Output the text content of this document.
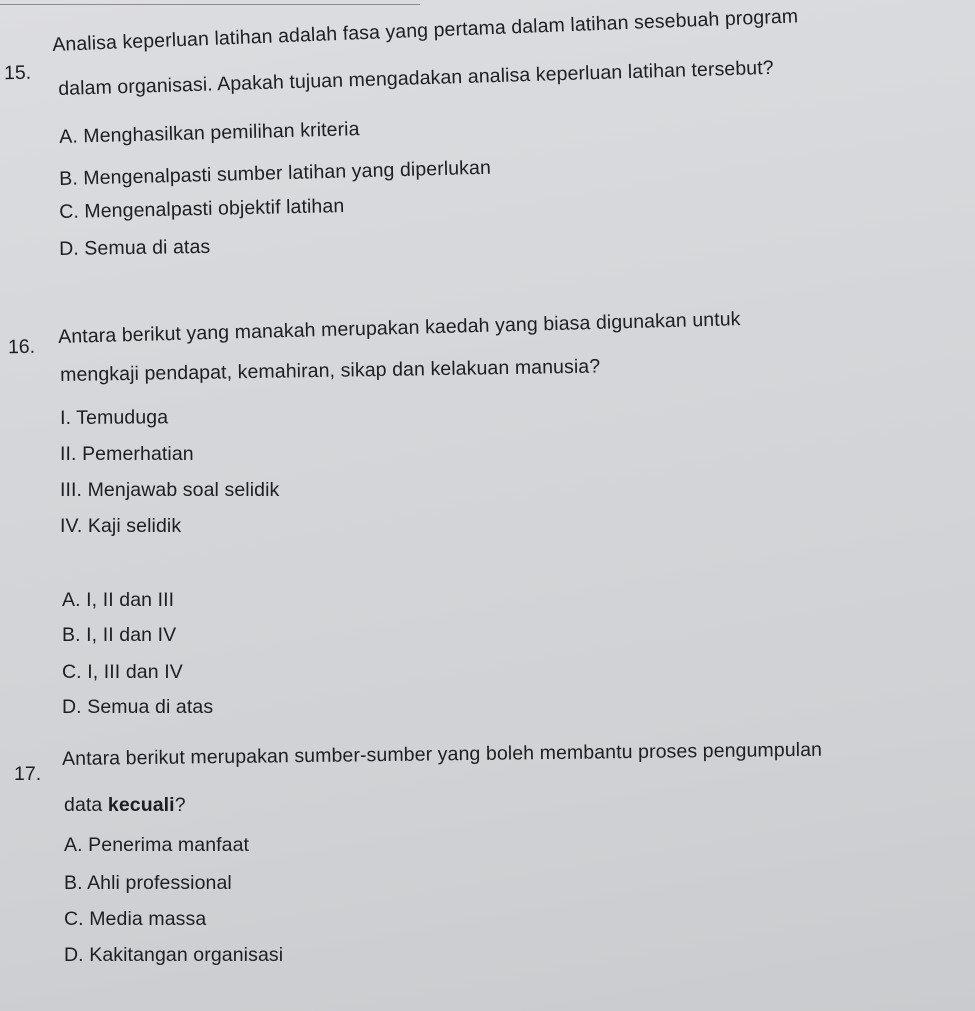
15.
Analisa keperluan latihan adalah fasa yang pertama dalam latihan sesebuah program
dalam organisasi. Apakah tujuan mengadakan analisa keperluan latihan tersebut?
A. Menghasilkan pemilihan kriteria
B. Mengenalpasti sumber latihan yang diperlukan
C. Mengenalpasti objektif latihan
D. Semua di atas
16. Antara berikut yang manakah merupakan kaedah yang biasa digunakan untuk
mengkaji pendapat, kemahiran, sikap dan kelakuan manusia?
I. Temuduga
II. Pemerhatian
III. Menjawab soal selidik
IV. Kaji selidik
A. I, II dan III
B. I, II dan IV
C. I, III dan IV
D. Semua di atas
17.
Antara berikut merupakan sumber-sumber yang boleh membantu proses pengumpulan
data kecuali?
A. Penerima manfaat
B. Ahli professional
C. Media massa
D. Kakitangan organisasi
